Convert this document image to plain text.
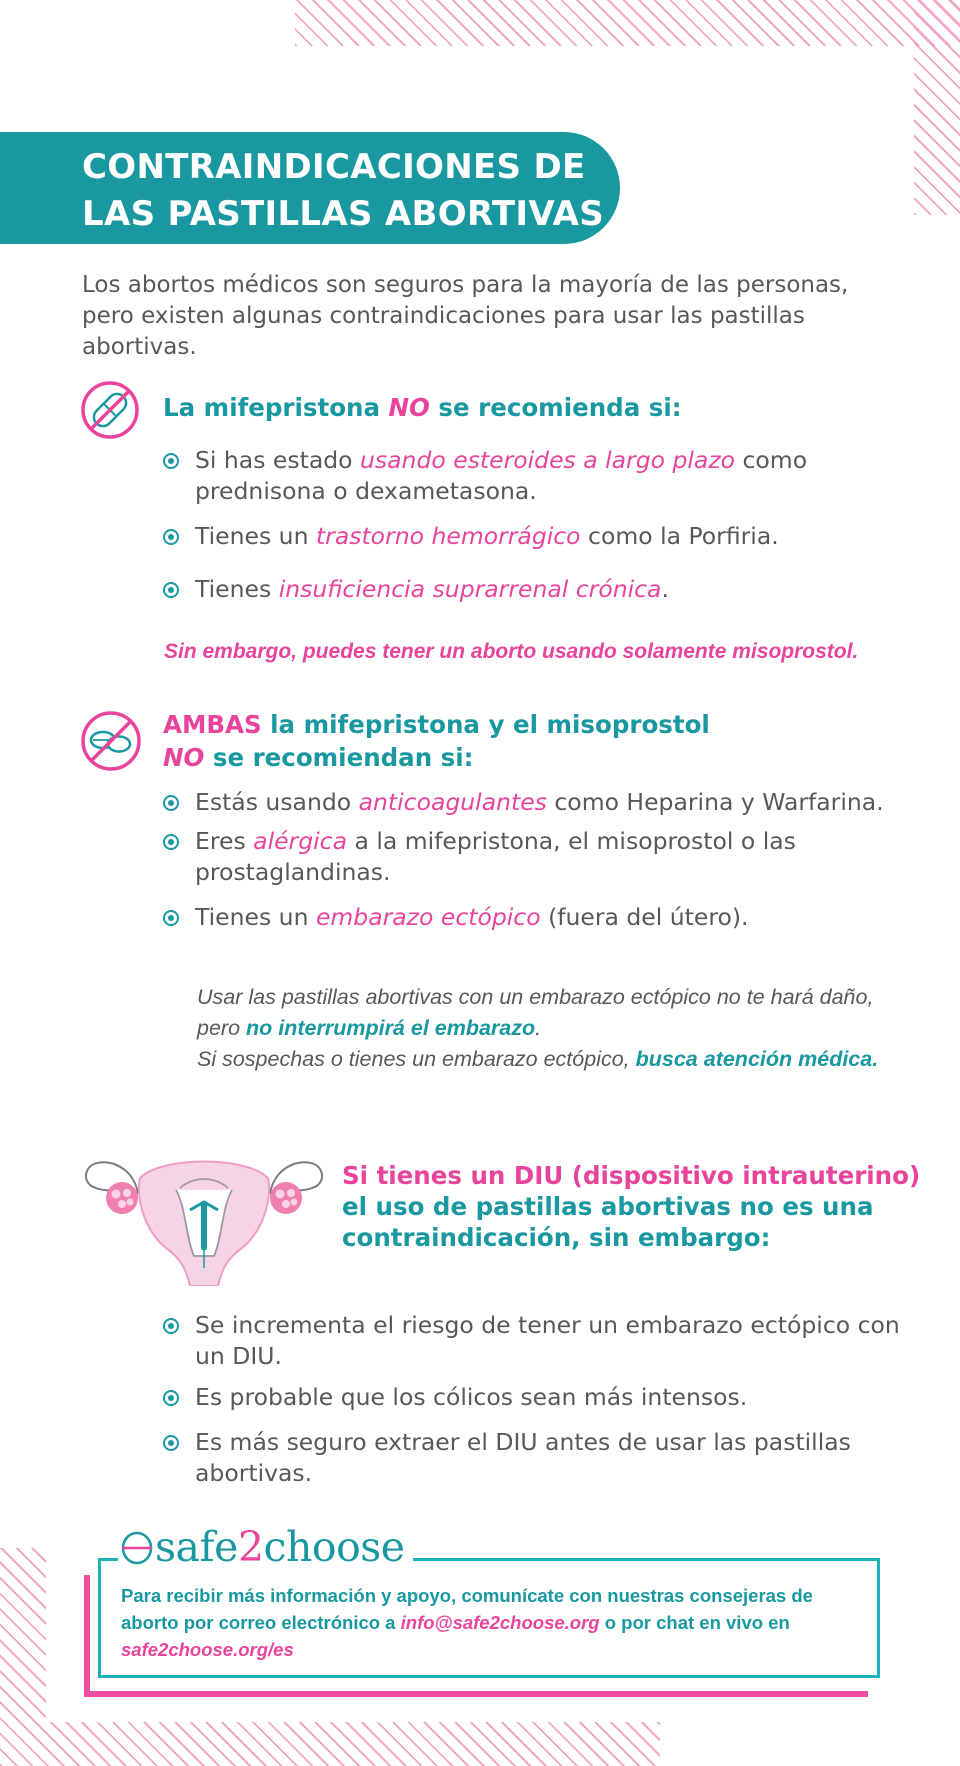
CONTRAINDICACIONES DE
LAS PASTILLAS ABORTIVAS

Los abortos médicos son seguros para la mayoría de las personas, pero existen algunas contraindicaciones para usar las pastillas abortivas.

La mifepristona NO se recomienda si:
Si has estado usando esteroides a largo plazo como prednisona o dexametasona.
Tienes un trastorno hemorrágico como la Porfiria.
Tienes insuficiencia suprarrenal crónica.
Sin embargo, puedes tener un aborto usando solamente misoprostol.
AMBAS la mifepristona y el misoprostol
NO se recomiendan si:
Estás usando anticoagulantes como Heparina y Warfarina.
Eres alérgica a la mifepristona, el misoprostol o las prostaglandinas.
Tienes un embarazo ectópico (fuera del útero).
Usar las pastillas abortivas con un embarazo ectópico no te hará daño, pero no interrumpirá el embarazo.
Si sospechas o tienes un embarazo ectópico, busca atención médica.
Si tienes un DIU (dispositivo intrauterino)
el uso de pastillas abortivas no es una
contraindicación, sin embargo:
Se incrementa el riesgo de tener un embarazo ectópico con un DIU.
Es probable que los cólicos sean más intensos.
Es más seguro extraer el DIU antes de usar las pastillas abortivas.
safe2choose
Para recibir más información y apoyo, comunícate con nuestras consejeras de aborto por correo electrónico a info@safe2choose.org o por chat en vivo en safe2choose.org/es
